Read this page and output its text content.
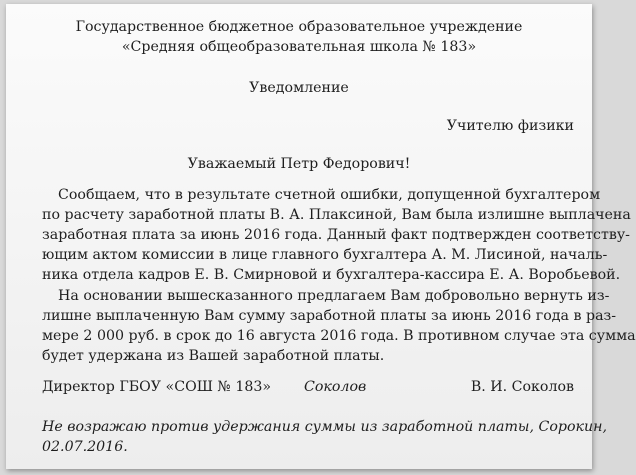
Государственное бюджетное образовательное учреждение
«Средняя общеобразовательная школа № 183»
Уведомление
Учителю физики
Уважаемый Петр Федорович!
Сообщаем, что в результате счетной ошибки, допущенной бухгалтером
по расчету заработной платы В. А. Плаксиной, Вам была излишне выплачена
заработная плата за июнь 2016 года. Данный факт подтвержден соответству-
ющим актом комиссии в лице главного бухгалтера А. М. Лисиной, началь-
ника отдела кадров Е. В. Смирновой и бухгалтера-кассира Е. А. Воробьевой.
На основании вышесказанного предлагаем Вам добровольно вернуть из-
лишне выплаченную Вам сумму заработной платы за июнь 2016 года в раз-
мере 2 000 руб. в срок до 16 августа 2016 года. В противном случае эта сумма
будет удержана из Вашей заработной платы.
Директор ГБОУ «СОШ № 183» Соколов	В. И. Соколов
Не возражаю против удержания суммы из заработной платы, Сорокин,
02.07.2016.
